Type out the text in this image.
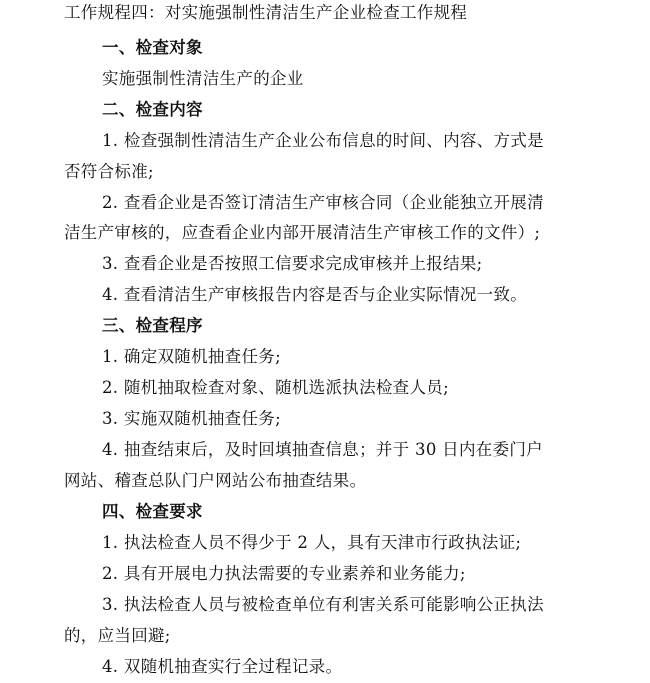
工作规程四：对实施强制性清洁生产企业检查工作规程
一、检查对象
实施强制性清洁生产的企业
二、检查内容
1. 检查强制性清洁生产企业公布信息的时间、内容、方式是
否符合标准;
2. 查看企业是否签订清洁生产审核合同（企业能独立开展清
洁生产审核的，应查看企业内部开展清洁生产审核工作的文件）;
3. 查看企业是否按照工信要求完成审核并上报结果;
4. 查看清洁生产审核报告内容是否与企业实际情况一致。
三、检查程序
1. 确定双随机抽查任务;
2. 随机抽取检查对象、随机选派执法检查人员;
3. 实施双随机抽查任务;
4. 抽查结束后，及时回填抽查信息；并于 30 日内在委门户
网站、稽查总队门户网站公布抽查结果。
四、检查要求
1. 执法检查人员不得少于 2 人，具有天津市行政执法证;
2. 具有开展电力执法需要的专业素养和业务能力;
3. 执法检查人员与被检查单位有利害关系可能影响公正执法
的，应当回避;
4. 双随机抽查实行全过程记录。
